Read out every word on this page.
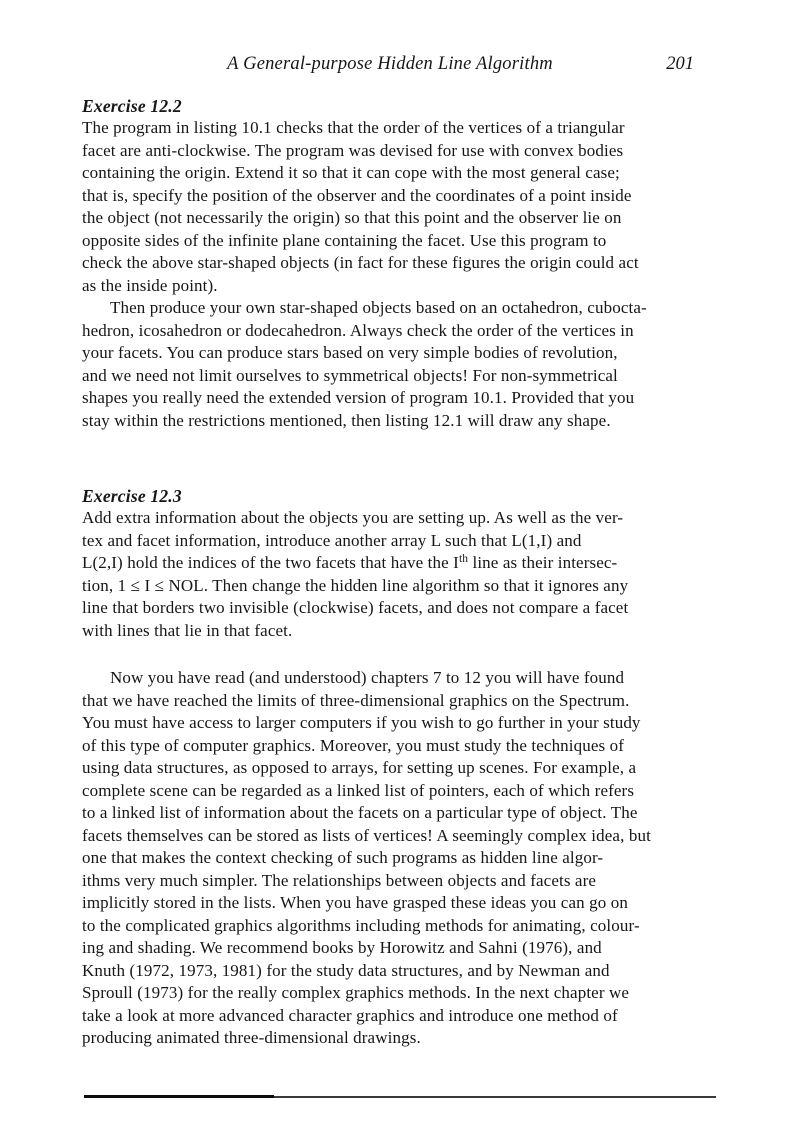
A General-purpose Hidden Line Algorithm	201
Exercise 12.2
The program in listing 10.1 checks that the order of the vertices of a triangular
facet are anti-clockwise. The program was devised for use with convex bodies
containing the origin. Extend it so that it can cope with the most general case;
that is, specify the position of the observer and the coordinates of a point inside
the object (not necessarily the origin) so that this point and the observer lie on
opposite sides of the infinite plane containing the facet. Use this program to
check the above star-shaped objects (in fact for these figures the origin could act
as the inside point).
Then produce your own star-shaped objects based on an octahedron, cubocta-
hedron, icosahedron or dodecahedron. Always check the order of the vertices in
your facets. You can produce stars based on very simple bodies of revolution,
and we need not limit ourselves to symmetrical objects! For non-symmetrical
shapes you really need the extended version of program 10.1. Provided that you
stay within the restrictions mentioned, then listing 12.1 will draw any shape.
Exercise 12.3
Add extra information about the objects you are setting up. As well as the ver-
tex and facet information, introduce another array L such that L(1,I) and
L(2,I) hold the indices of the two facets that have the Ith line as their intersec-
tion, 1 ≤ I ≤ NOL. Then change the hidden line algorithm so that it ignores any
line that borders two invisible (clockwise) facets, and does not compare a facet
with lines that lie in that facet.
Now you have read (and understood) chapters 7 to 12 you will have found
that we have reached the limits of three-dimensional graphics on the Spectrum.
You must have access to larger computers if you wish to go further in your study
of this type of computer graphics. Moreover, you must study the techniques of
using data structures, as opposed to arrays, for setting up scenes. For example, a
complete scene can be regarded as a linked list of pointers, each of which refers
to a linked list of information about the facets on a particular type of object. The
facets themselves can be stored as lists of vertices! A seemingly complex idea, but
one that makes the context checking of such programs as hidden line algor-
ithms very much simpler. The relationships between objects and facets are
implicitly stored in the lists. When you have grasped these ideas you can go on
to the complicated graphics algorithms including methods for animating, colour-
ing and shading. We recommend books by Horowitz and Sahni (1976), and
Knuth (1972, 1973, 1981) for the study data structures, and by Newman and
Sproull (1973) for the really complex graphics methods. In the next chapter we
take a look at more advanced character graphics and introduce one method of
producing animated three-dimensional drawings.
